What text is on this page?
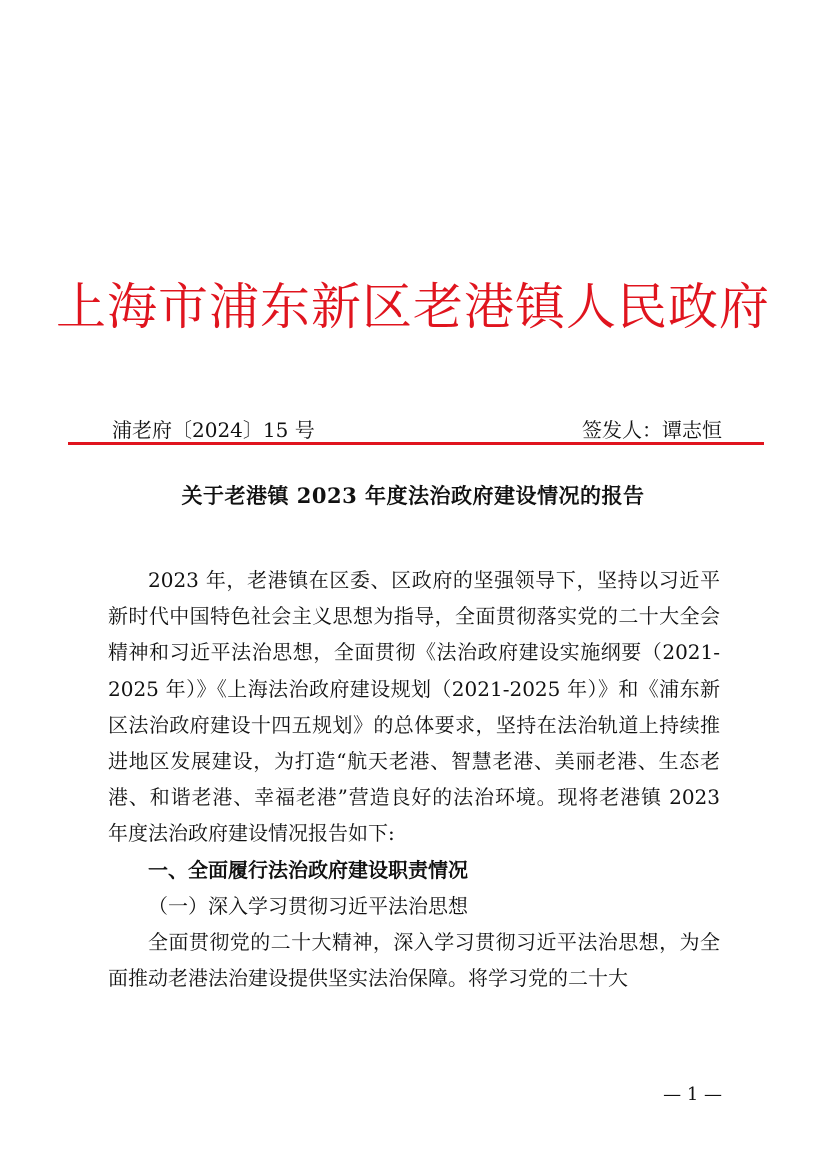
上海市浦东新区老港镇人民政府
浦老府〔2024〕15 号	签发人：谭志恒
关于老港镇 2023 年度法治政府建设情况的报告

2023 年，老港镇在区委、区政府的坚强领导下，坚持以习近平新时代中国特色社会主义思想为指导，全面贯彻落实党的二十大全会精神和习近平法治思想，全面贯彻《法治政府建设实施纲要（2021-2025 年）》《上海法治政府建设规划（2021-2025 年）》和《浦东新区法治政府建设十四五规划》的总体要求，坚持在法治轨道上持续推进地区发展建设，为打造“航天老港、智慧老港、美丽老港、生态老港、和谐老港、幸福老港”营造良好的法治环境。现将老港镇 2023 年度法治政府建设情况报告如下:

一、全面履行法治政府建设职责情况

（一）深入学习贯彻习近平法治思想

全面贯彻党的二十大精神，深入学习贯彻习近平法治思想，为全面推动老港法治建设提供坚实法治保障。将学习党的二十大

— 1 —
